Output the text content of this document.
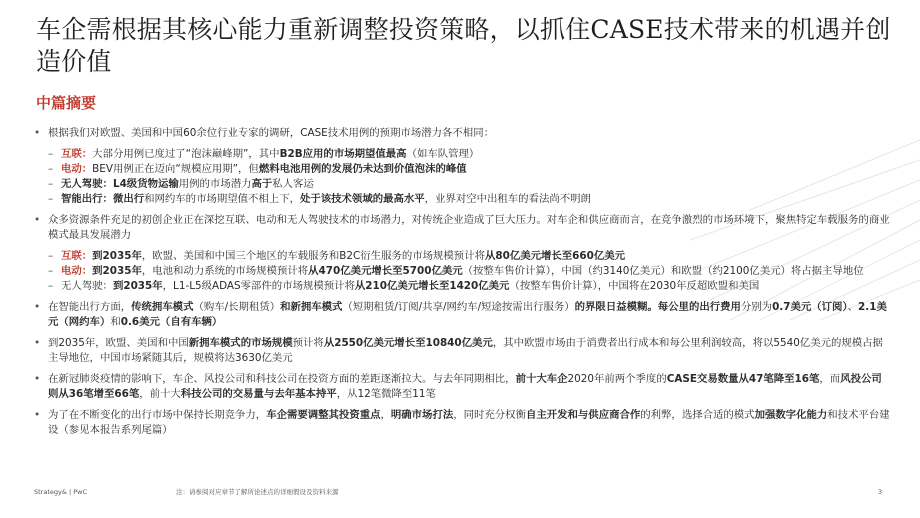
车企需根据其核心能力重新调整投资策略，以抓住CASE技术带来的机遇并创造价值
中篇摘要
• 根据我们对欧盟、美国和中国60余位行业专家的调研，CASE技术用例的预期市场潜力各不相同：
– 互联：大部分用例已度过了“泡沫巅峰期”，其中B2B应用的市场期望值最高（如车队管理）
– 电动：BEV用例正在迈向“规模应用期”，但燃料电池用例的发展仍未达到价值泡沫的峰值
– 无人驾驶：L4级货物运输用例的市场潜力高于私人客运
– 智能出行：微出行和网约车的市场期望值不相上下，处于该技术领域的最高水平，业界对空中出租车的看法尚不明朗
• 众多资源条件充足的初创企业正在深挖互联、电动和无人驾驶技术的市场潜力，对传统企业造成了巨大压力。对车企和供应商而言，在竞争激烈的市场环境下，聚焦特定车载服务的商业模式最具发展潜力
– 互联：到2035年，欧盟、美国和中国三个地区的车载服务和B2C衍生服务的市场规模预计将从80亿美元增长至660亿美元
– 电动：到2035年，电池和动力系统的市场规模预计将从470亿美元增长至5700亿美元（按整车售价计算），中国（约3140亿美元）和欧盟（约2100亿美元）将占据主导地位
– 无人驾驶：到2035年，L1-L5级ADAS零部件的市场规模预计将从210亿美元增长至1420亿美元（按整车售价计算），中国将在2030年反超欧盟和美国
• 在智能出行方面，传统拥车模式（购车/长期租赁）和新拥车模式（短期租赁/订阅/共享/网约车/短途按需出行服务）的界限日益模糊。每公里的出行费用分别为0.7美元（订阅）、2.1美元（网约车）和0.6美元（自有车辆）
• 到2035年，欧盟、美国和中国新拥车模式的市场规模预计将从2550亿美元增长至10840亿美元，其中欧盟市场由于消费者出行成本和每公里利润较高，将以5540亿美元的规模占据主导地位，中国市场紧随其后，规模将达3630亿美元
• 在新冠肺炎疫情的影响下，车企、风投公司和科技公司在投资方面的差距逐渐拉大。与去年同期相比，前十大车企2020年前两个季度的CASE交易数量从47笔降至16笔，而风投公司则从36笔增至66笔，前十大科技公司的交易量与去年基本持平，从12笔微降至11笔
• 为了在不断变化的出行市场中保持长期竞争力，车企需要调整其投资重点，明确市场打法，同时充分权衡自主开发和与供应商合作的利弊，选择合适的模式加强数字化能力和技术平台建设（参见本报告系列尾篇）
Strategy& | PwC	注：请参阅对应章节了解所论述点的详细假设及资料来源	3
